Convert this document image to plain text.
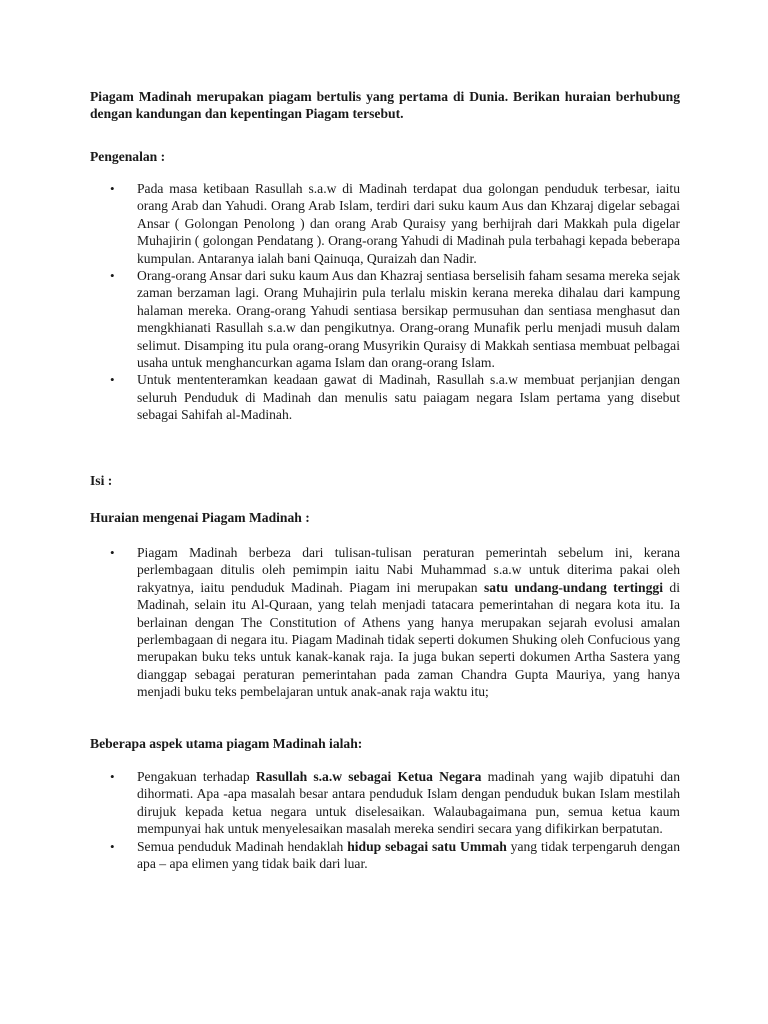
Piagam Madinah merupakan piagam bertulis yang pertama di Dunia. Berikan huraian berhubung dengan kandungan dan kepentingan Piagam tersebut.

Pengenalan :

• Pada masa ketibaan Rasullah s.a.w di Madinah terdapat dua golongan penduduk terbesar, iaitu orang Arab dan Yahudi. Orang Arab Islam, terdiri dari suku kaum Aus dan Khzaraj digelar sebagai Ansar ( Golongan Penolong ) dan orang Arab Quraisy yang berhijrah dari Makkah pula digelar Muhajirin ( golongan Pendatang ). Orang-orang Yahudi di Madinah pula terbahagi kepada beberapa kumpulan. Antaranya ialah bani Qainuqa, Quraizah dan Nadir.
• Orang-orang Ansar dari suku kaum Aus dan Khazraj sentiasa berselisih faham sesama mereka sejak zaman berzaman lagi. Orang Muhajirin pula terlalu miskin kerana mereka dihalau dari kampung halaman mereka. Orang-orang Yahudi sentiasa bersikap permusuhan dan sentiasa menghasut dan mengkhianati Rasullah s.a.w dan pengikutnya. Orang-orang Munafik perlu menjadi musuh dalam selimut. Disamping itu pula orang-orang Musyrikin Quraisy di Makkah sentiasa membuat pelbagai usaha untuk menghancurkan agama Islam dan orang-orang Islam.
• Untuk mententeramkan keadaan gawat di Madinah, Rasullah s.a.w membuat perjanjian dengan seluruh Penduduk di Madinah dan menulis satu paiagam negara Islam pertama yang disebut sebagai Sahifah al-Madinah.

Isi :

Huraian mengenai Piagam Madinah :

• Piagam Madinah berbeza dari tulisan-tulisan peraturan pemerintah sebelum ini, kerana perlembagaan ditulis oleh pemimpin iaitu Nabi Muhammad s.a.w untuk diterima pakai oleh rakyatnya, iaitu penduduk Madinah. Piagam ini merupakan satu undang-undang tertinggi di Madinah, selain itu Al-Quraan, yang telah menjadi tatacara pemerintahan di negara kota itu. Ia berlainan dengan The Constitution of Athens yang hanya merupakan sejarah evolusi amalan perlembagaan di negara itu. Piagam Madinah tidak seperti dokumen Shuking oleh Confucious yang merupakan buku teks untuk kanak-kanak raja. Ia juga bukan seperti dokumen Artha Sastera yang dianggap sebagai peraturan pemerintahan pada zaman Chandra Gupta Mauriya, yang hanya menjadi buku teks pembelajaran untuk anak-anak raja waktu itu;

Beberapa aspek utama piagam Madinah ialah:

• Pengakuan terhadap Rasullah s.a.w sebagai Ketua Negara madinah yang wajib dipatuhi dan dihormati. Apa -apa masalah besar antara penduduk Islam dengan penduduk bukan Islam mestilah dirujuk kepada ketua negara untuk diselesaikan. Walaubagaimana pun, semua ketua kaum mempunyai hak untuk menyelesaikan masalah mereka sendiri secara yang difikirkan berpatutan.
• Semua penduduk Madinah hendaklah hidup sebagai satu Ummah yang tidak terpengaruh dengan apa – apa elimen yang tidak baik dari luar.
